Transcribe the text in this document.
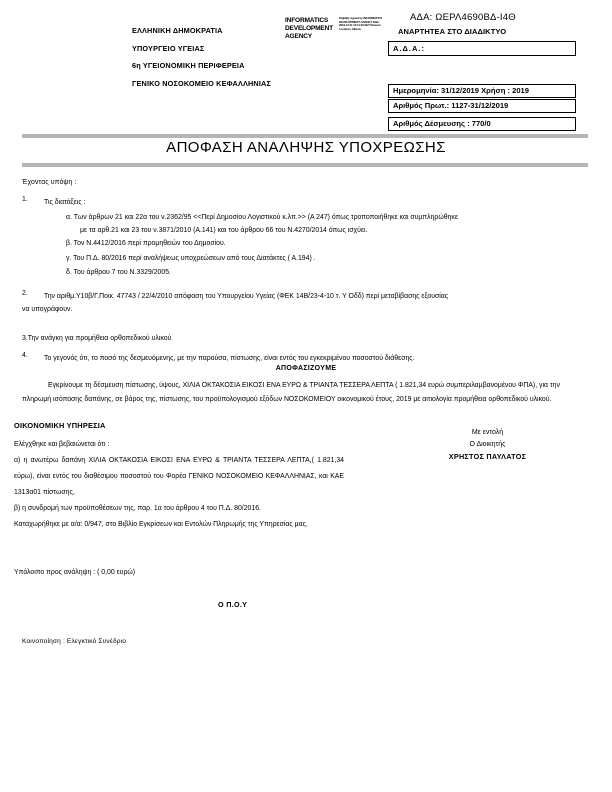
ΑΔΑ: ΩΕΡΛ4690ΒΔ-Ι4Θ
ΑΝΑΡΤΗΤΕΑ ΣΤΟ ΔΙΑΔΙΚΤΥΟ
Α.Δ.Α.:
ΕΛΛΗΝΙΚΗ ΔΗΜΟΚΡΑΤΙΑ
ΥΠΟΥΡΓΕΙΟ ΥΓΕΙΑΣ
6η ΥΓΕΙΟΝΟΜΙΚΗ ΠΕΡΙΦΕΡΕΙΑ
ΓΕΝΙΚΟ ΝΟΣΟΚΟΜΕΙΟ ΚΕΦΑΛΛΗΝΙΑΣ
INFORMATICS DEVELOPMENT AGENCY
Digitally signed by INFORMATICS DEVELOPMENT AGENCY Date: 2019.12.31 12:11:22 EET Reason: Location: Athens
Ημερομηνία: 31/12/2019 Χρήση : 2019
Αριθμός Πρωτ.: 1127-31/12/2019
Αριθμός Δέσμευσης : 770/0
ΑΠΟΦΑΣΗ ΑΝΑΛΗΨΗΣ ΥΠΟΧΡΕΩΣΗΣ
Έχοντας υπόψη :
1. Τις διατάξεις :
α. Των άρθρων 21 και 22α του ν.2362/95 <<Περί Δημοσίου Λογιστικού κ.λπ.>> (Α 247) όπως τροποποιήθηκε και συμπληρώθηκε
με τα αρθ.21 και 23 του ν.3871/2010 (Α.141) και του άρθρου 66 του Ν.4270/2014 όπως ισχύει.
β. Τον Ν.4412/2016 περί προμηθειών του Δημοσίου.
γ. Του Π.Δ. 80/2016 περί αναλήψεως υποχρεώσεων από τους Διατάκτες ( Α.194) .
δ. Του άρθρου 7 του Ν.3329/2005.
2. Την αριθμ.Υ10β/Γ.Ποικ. 47743 / 22/4/2010 απόφαση του Υπουργείου Υγείας (ΦΕΚ 14Β/23-4-10 τ. Υ Οδδ) περί μεταβίβασης εξουσίας
να υπογράφουν.
3.Την ανάγκη για προμήθεια ορθοπεδικού υλικού
4. Το γεγονός ότι, το ποσό της δεσμευόμενης, με την παρούσα, πίστωσης, είναι εντός του εγκεκριμένου ποσοστού διάθεσης.
ΑΠΟΦΑΣΙΖΟΥΜΕ
Εγκρίνουμε τη δέσμευση πίστωσης, ύψους, ΧΙΛΙΑ ΟΚΤΑΚΟΣΙΑ ΕΙΚΟΣΙ ΕΝΑ ΕΥΡΩ & ΤΡΙΑΝΤΑ ΤΕΣΣΕΡΑ ΛΕΠΤΑ ( 1.821,34 ευρώ συμπεριλαμβανομένου ΦΠΑ), για την πληρωμή ισόποσης δαπάνης, σε βάρος της, πίστωσης, του προϋπολογισμού εξόδων ΝΟΣΟΚΟΜΕΙΟΥ οικονομικού έτους, 2019 με αιτιολογία προμήθεια ορθοπεδικού υλικού.
ΟΙΚΟΝΟΜΙΚΗ ΥΠΗΡΕΣΙΑ

Ελέγχθηκε και βεβαιώνεται ότι :

α) η ανωτέρω δαπάνη ΧΙΛΙΑ ΟΚΤΑΚΟΣΙΑ ΕΙΚΟΣΙ ΕΝΑ ΕΥΡΩ & ΤΡΙΑΝΤΑ ΤΕΣΣΕΡΑ ΛΕΠΤΑ,( 1.821,34 εύρω), είναι εντός του διαθέσιμου ποσοστού του Φορέα ΓΕΝΙΚΟ ΝΟΣΟΚΟΜΕΙΟ ΚΕΦΑΛΛΗΝΙΑΣ, και ΚΑΕ 1313α01 πίστωσης,

β) η συνδρομή των προϋποθέσεων της, παρ. 1α του άρθρου 4 του Π.Δ. 80/2016.

Καταχωρήθηκε με α/α: 0/947, στο Βιβλίο Εγκρίσεων και Εντολών Πληρωμής της Υπηρεσίας μας.

Υπόλοιπο προς ανάληψη : ( 0,00 ευρώ)
Ο Π.Ο.Υ
Με εντολή
Ο Διοικητής
ΧΡΗΣΤΟΣ ΠΑΥΛΑΤΟΣ
Κοινοποίηση : Ελεγκτικό Συνέδριο
